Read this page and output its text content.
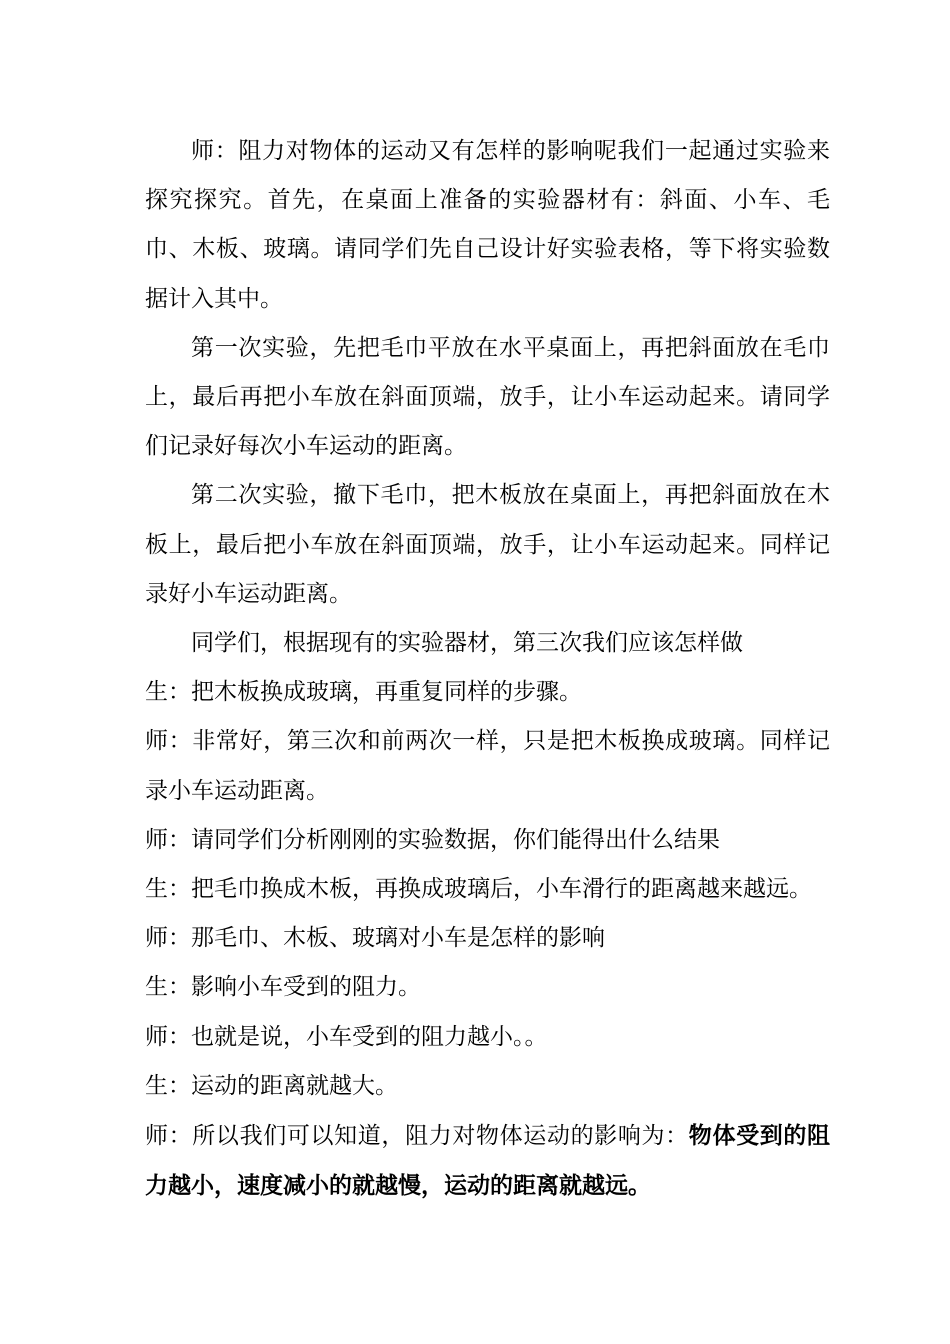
师：阻力对物体的运动又有怎样的影响呢我们一起通过实验来探究探究。首先，在桌面上准备的实验器材有：斜面、小车、毛巾、木板、玻璃。请同学们先自己设计好实验表格，等下将实验数据计入其中。

第一次实验，先把毛巾平放在水平桌面上，再把斜面放在毛巾上，最后再把小车放在斜面顶端，放手，让小车运动起来。请同学们记录好每次小车运动的距离。

第二次实验，撤下毛巾，把木板放在桌面上，再把斜面放在木板上，最后把小车放在斜面顶端，放手，让小车运动起来。同样记录好小车运动距离。

同学们，根据现有的实验器材，第三次我们应该怎样做

生：把木板换成玻璃，再重复同样的步骤。

师：非常好，第三次和前两次一样，只是把木板换成玻璃。同样记录小车运动距离。

师：请同学们分析刚刚的实验数据，你们能得出什么结果

生：把毛巾换成木板，再换成玻璃后，小车滑行的距离越来越远。

师：那毛巾、木板、玻璃对小车是怎样的影响

生：影响小车受到的阻力。

师：也就是说，小车受到的阻力越小。。

生：运动的距离就越大。

师：所以我们可以知道，阻力对物体运动的影响为：物体受到的阻力越小，速度减小的就越慢，运动的距离就越远。
